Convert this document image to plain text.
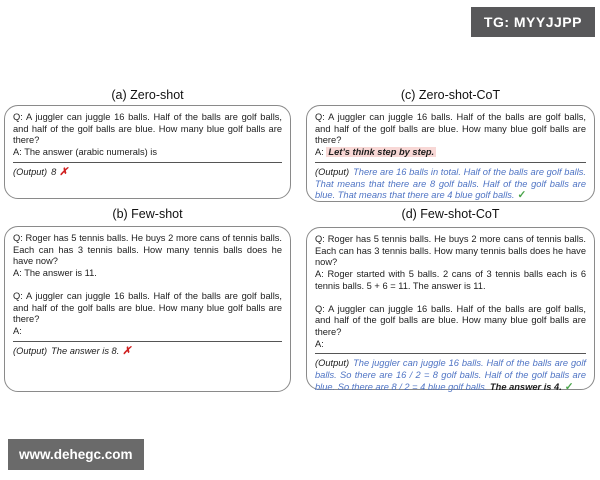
TG: MYYJJPP
(a) Zero-shot	(c) Zero-shot-CoT
(b) Few-shot	(d) Few-shot-CoT

Q: A juggler can juggle 16 balls. Half of the balls are golf balls, and half of the golf balls are blue. How many blue golf balls are there?

A: The answer (arabic numerals) is

(Output) 8 ✗

Q: A juggler can juggle 16 balls. Half of the balls are golf balls, and half of the golf balls are blue. How many blue golf balls are there?

A: Let’s think step by step.

(Output) There are 16 balls in total. Half of the balls are golf balls. That means that there are 8 golf balls. Half of the golf balls are blue. That means that there are 4 blue golf balls. ✓

Q: Roger has 5 tennis balls. He buys 2 more cans of tennis balls. Each can has 3 tennis balls. How many tennis balls does he have now?

A: The answer is 11.

Q: A juggler can juggle 16 balls. Half of the balls are golf balls, and half of the golf balls are blue. How many blue golf balls are there?

A:

(Output) The answer is 8. ✗

Q: Roger has 5 tennis balls. He buys 2 more cans of tennis balls. Each can has 3 tennis balls. How many tennis balls does he have now?

A: Roger started with 5 balls. 2 cans of 3 tennis balls each is 6 tennis balls. 5 + 6 = 11. The answer is 11.

Q: A juggler can juggle 16 balls. Half of the balls are golf balls, and half of the golf balls are blue. How many blue golf balls are there?

A:

(Output) The juggler can juggle 16 balls. Half of the balls are golf balls. So there are 16 / 2 = 8 golf balls. Half of the golf balls are blue. So there are 8 / 2 = 4 blue golf balls. The answer is 4. ✓

www.dehegc.com
